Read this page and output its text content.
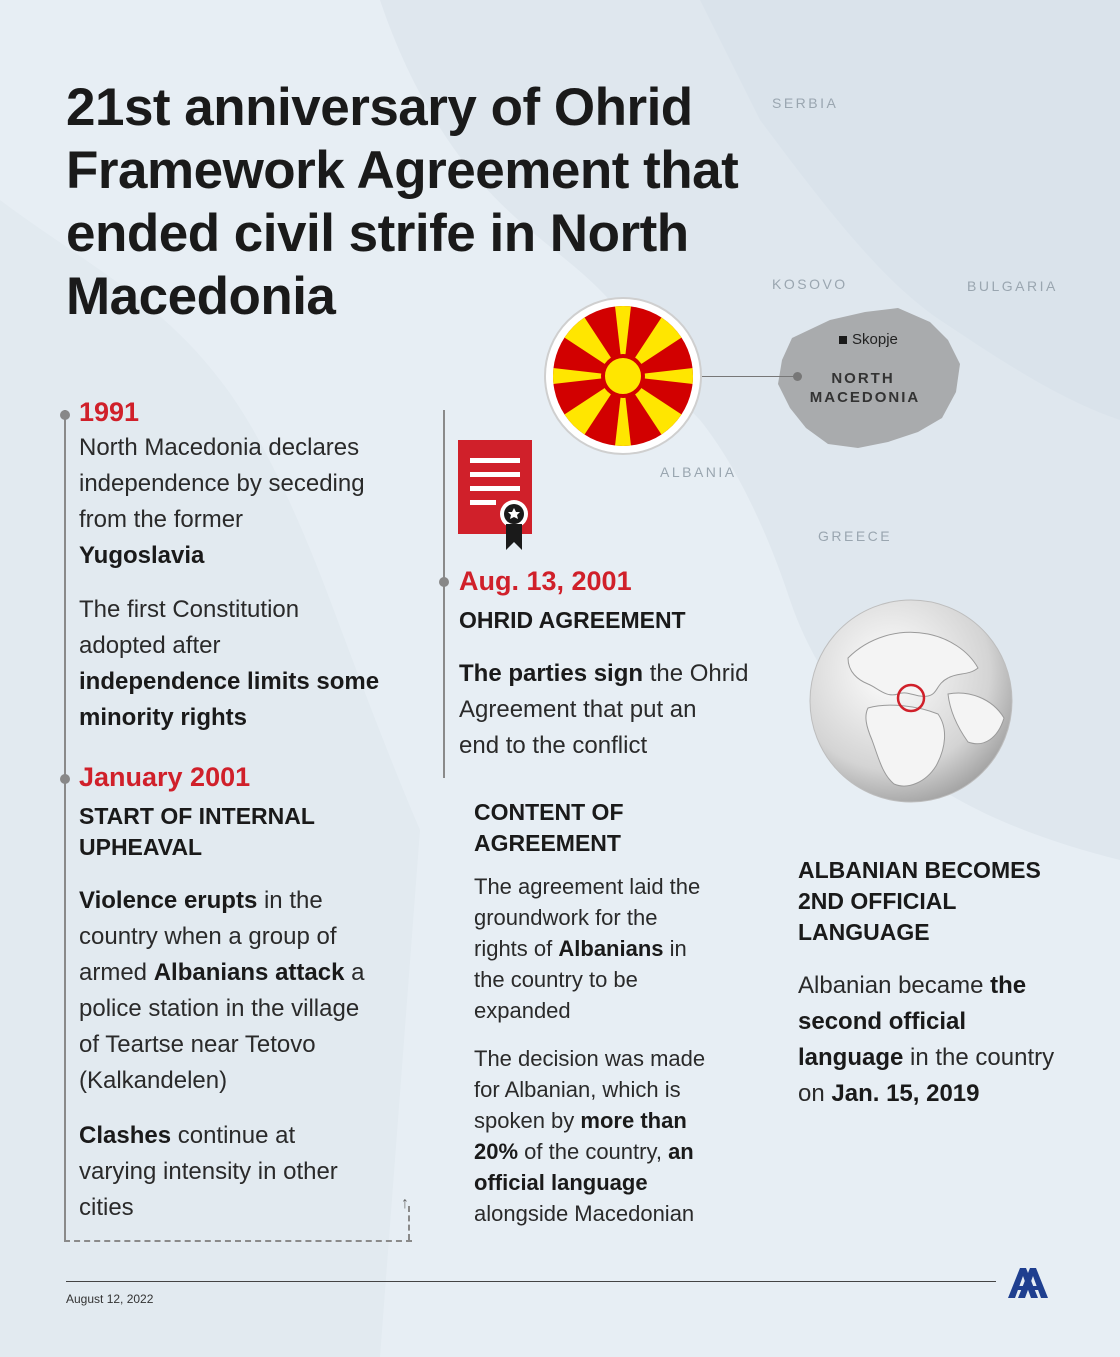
21st anniversary of Ohrid Framework Agreement that ended civil strife in North Macedonia
SERBIA
KOSOVO	BULGARIA
ALBANIA
GREECE
Skopje
NORTH
MACEDONIA
↑
1991
North Macedonia declares
independence by seceding
from the former
Yugoslavia
The first Constitution
adopted after
independence limits some
minority rights
January 2001
START OF INTERNAL
UPHEAVAL
Violence erupts in the
country when a group of
armed Albanians attack a
police station in the village
of Teartse near Tetovo
(Kalkandelen)
Clashes continue at
varying intensity in other
cities
Aug. 13, 2001
OHRID AGREEMENT
The parties sign the Ohrid
Agreement that put an
end to the conflict
CONTENT OF
AGREEMENT
The agreement laid the
groundwork for the
rights of Albanians in
the country to be
expanded
The decision was made
for Albanian, which is
spoken by more than
20% of the country, an
official language
alongside Macedonian
ALBANIAN BECOMES
2ND OFFICIAL
LANGUAGE
Albanian became the
second official
language in the country
on Jan. 15, 2019
August 12, 2022
